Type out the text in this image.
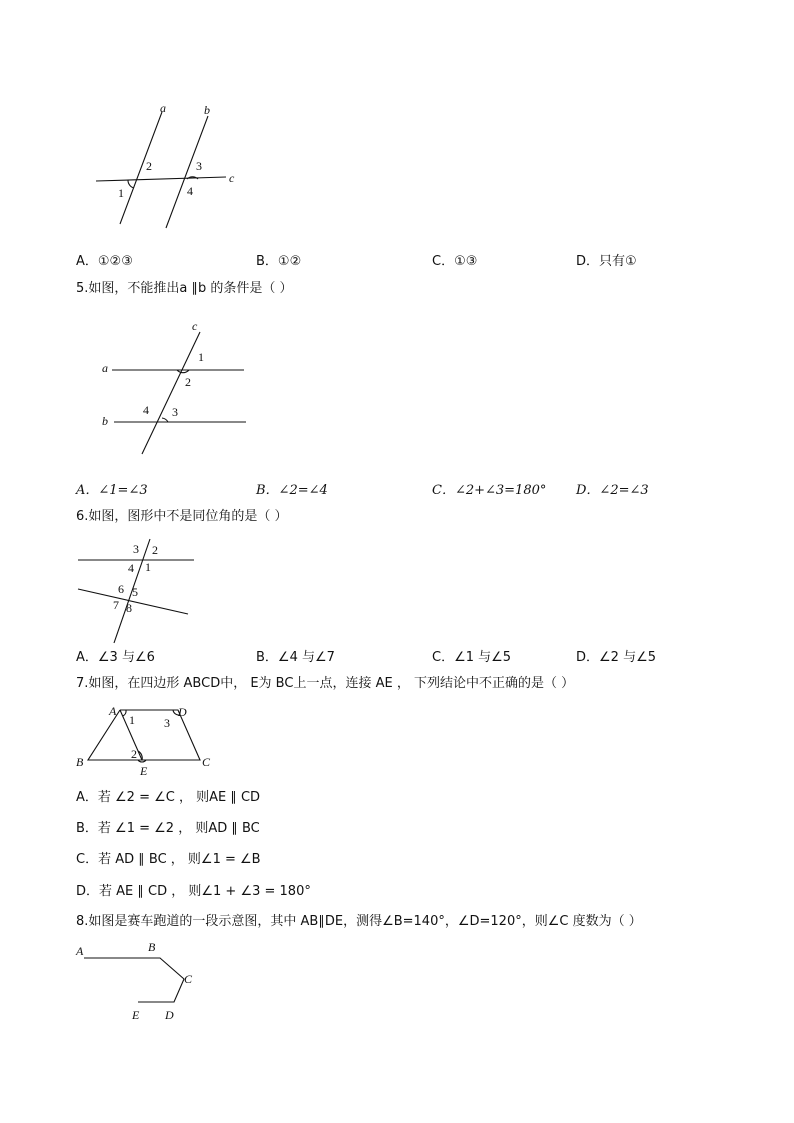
a	b
c
1
2	3
4
A．①②③	B．①②	C．①③	D．只有①
5.如图，不能推出a ∥b 的条件是（ ）
c
a
b
1
2
3
4
A．∠1=∠3	B．∠2=∠4	C．∠2+∠3=180° D．∠2=∠3
6.如图，图形中不是同位角的是（ ）
3 2
4 1
6 5
7 8
A．∠3 与∠6	B．∠4 与∠7	C．∠1 与∠5	D．∠2 与∠5
7.如图，在四边形 ABCD中， E为 BC上一点，连接 AE ， 下列结论中不正确的是（ ）
A	D
B	C
E
1
2
3
A．若 ∠2 = ∠C ， 则AE ∥ CD
B．若 ∠1 = ∠2 ， 则AD ∥ BC
C．若 AD ∥ BC ， 则∠1 = ∠B
D．若 AE ∥ CD ， 则∠1 + ∠3 = 180°
8.如图是赛车跑道的一段示意图，其中 AB∥DE，测得∠B=140°，∠D=120°，则∠C 度数为（ ）
A	B
C
E D
